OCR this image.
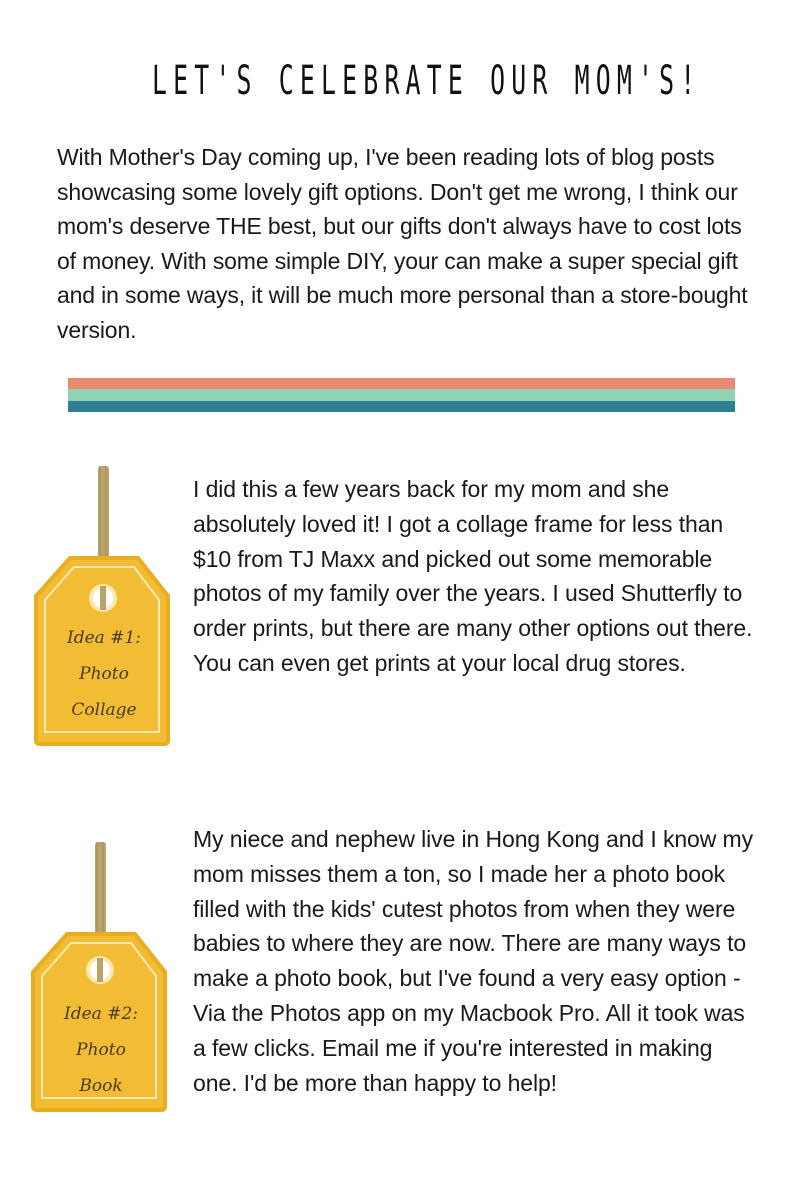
LET'S CELEBRATE OUR MOM'S!

With Mother's Day coming up, I've been reading lots of blog posts showcasing some lovely gift options. Don't get me wrong, I think our mom's deserve THE best, but our gifts don't always have to cost lots of money. With some simple DIY, your can make a super special gift and in some ways, it will be much more personal than a store-bought version.

Idea #1:
Photo
Collage

I did this a few years back for my mom and she absolutely loved it! I got a collage frame for less than $10 from TJ Maxx and picked out some memorable photos of my family over the years. I used Shutterfly to order prints, but there are many other options out there. You can even get prints at your local drug stores.

Idea #2:
Photo
Book

My niece and nephew live in Hong Kong and I know my mom misses them a ton, so I made her a photo book filled with the kids' cutest photos from when they were babies to where they are now. There are many ways to make a photo book, but I've found a very easy option - Via the Photos app on my Macbook Pro. All it took was a few clicks. Email me if you're interested in making one. I'd be more than happy to help!
